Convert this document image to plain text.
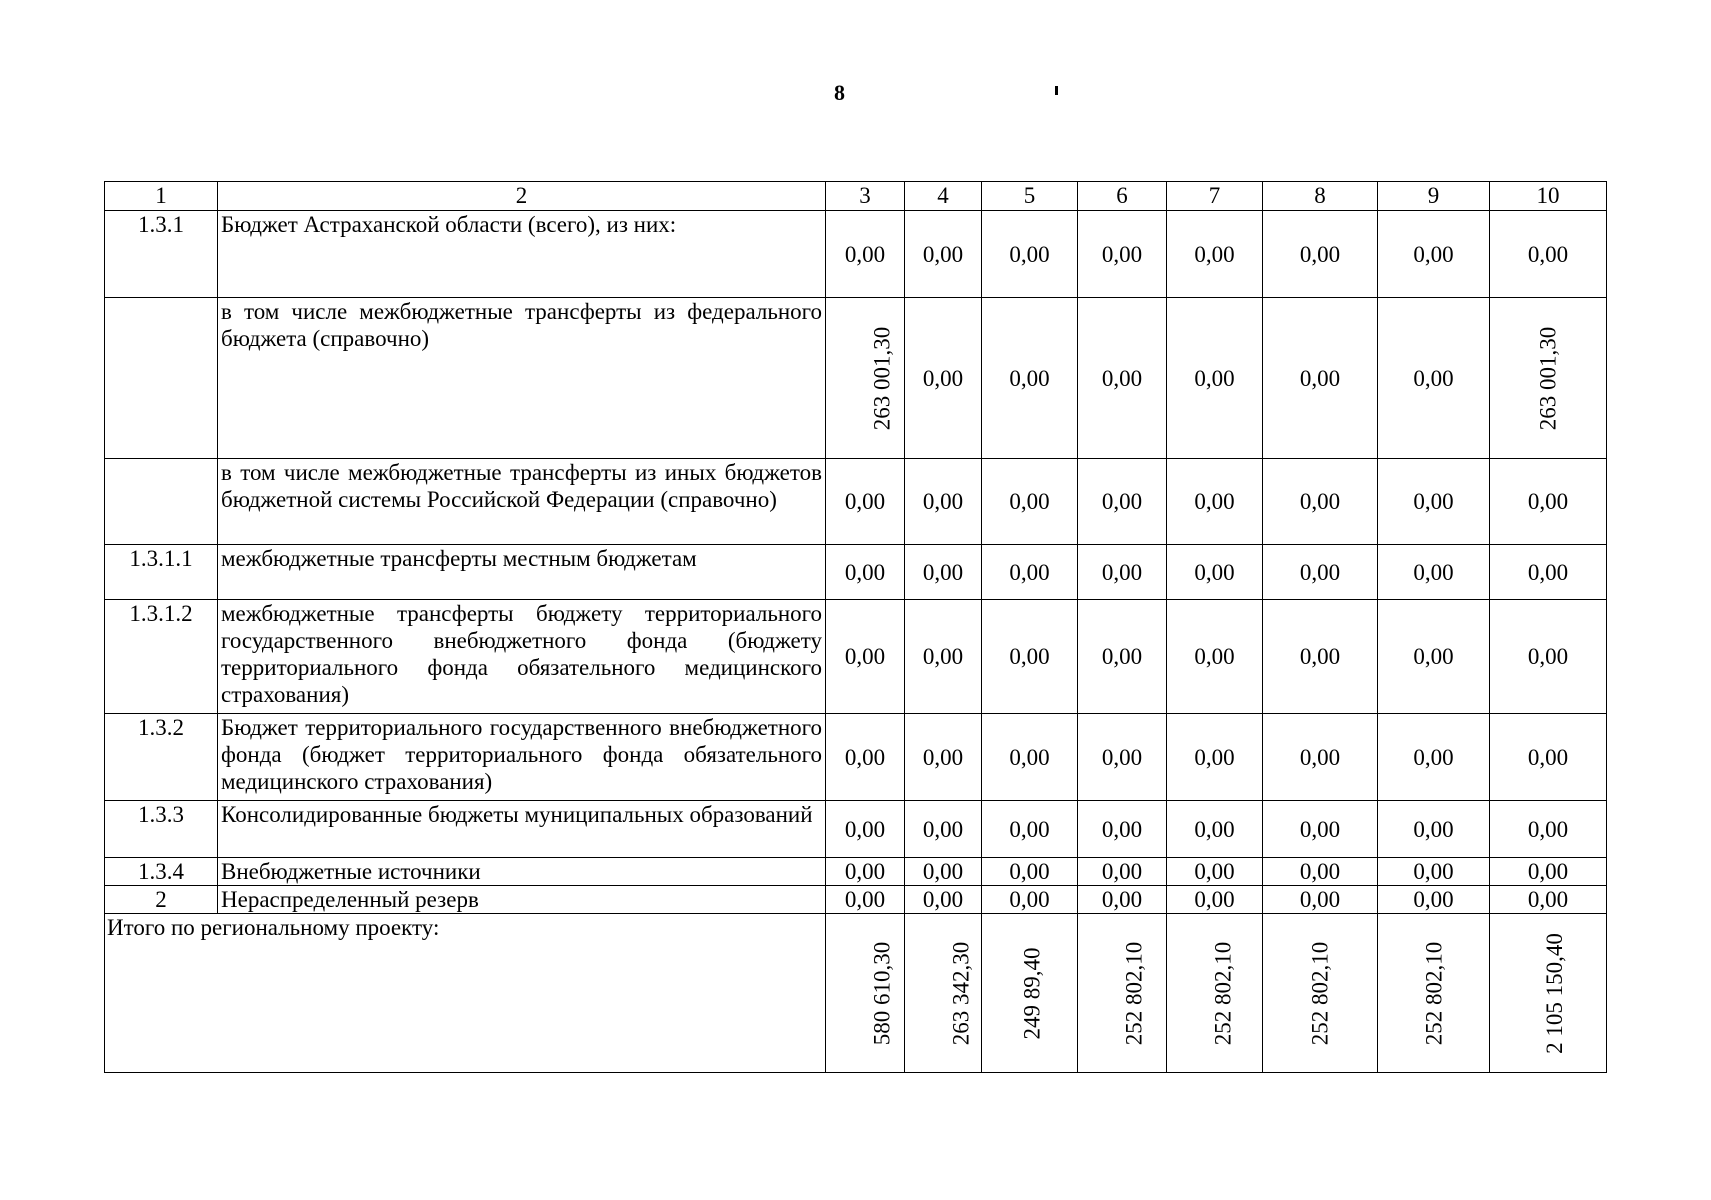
8
1	2	3	4	5	6	7	8	9	10
1.3.1	Бюджет Астраханской области (всего), из них:	0,00	0,00	0,00	0,00	0,00	0,00	0,00	0,00
	в том числе межбюджетные трансферты из федерального бюджета (справочно)	263 001,30	0,00	0,00	0,00	0,00	0,00	0,00	263 001,30
	в том числе межбюджетные трансферты из иных бюджетов бюджетной системы Российской Федерации (справочно)	0,00	0,00	0,00	0,00	0,00	0,00	0,00	0,00
1.3.1.1	межбюджетные трансферты местным бюджетам	0,00	0,00	0,00	0,00	0,00	0,00	0,00	0,00
1.3.1.2	межбюджетные трансферты бюджету территориального государственного внебюджетного фонда (бюджету территориального фонда обязательного медицинского страхования)	0,00	0,00	0,00	0,00	0,00	0,00	0,00	0,00
1.3.2	Бюджет территориального государственного внебюджетного фонда (бюджет территориального фонда обязательного медицинского страхования)	0,00	0,00	0,00	0,00	0,00	0,00	0,00	0,00
1.3.3	Консолидированные бюджеты муниципальных образований	0,00	0,00	0,00	0,00	0,00	0,00	0,00	0,00
1.3.4	Внебюджетные источники	0,00	0,00	0,00	0,00	0,00	0,00	0,00	0,00
2	Нераспределенный резерв	0,00	0,00	0,00	0,00	0,00	0,00	0,00	0,00
Итого по региональному проекту:		580 610,30	263 342,30	249 89,40	252 802,10	252 802,10	252 802,10	252 802,10	2 105 150,40
